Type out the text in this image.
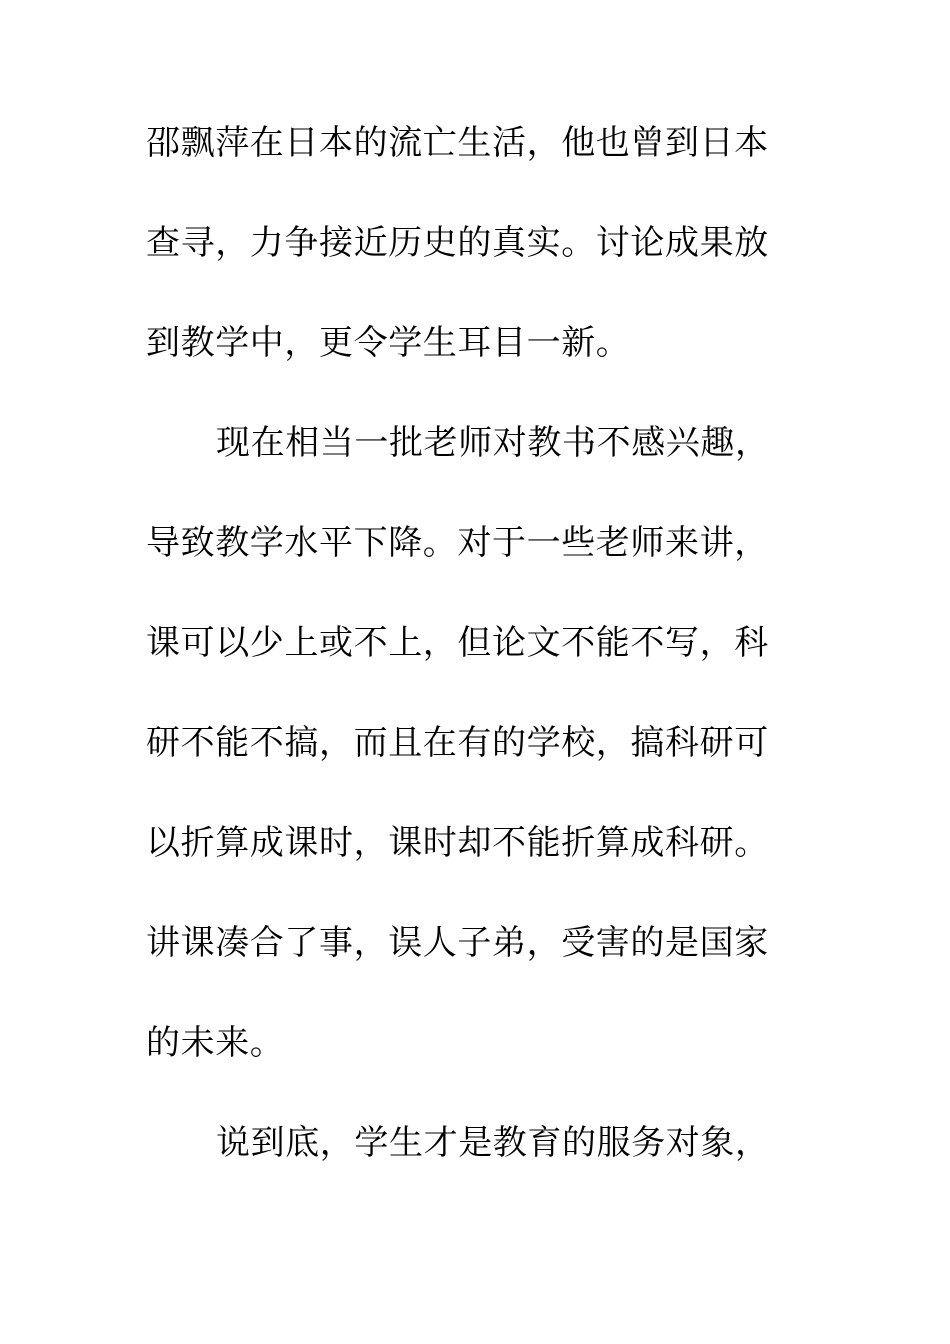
邵飘萍在日本的流亡生活，他也曾到日本
查寻，力争接近历史的真实。讨论成果放
到教学中，更令学生耳目一新。
现在相当一批老师对教书不感兴趣，
导致教学水平下降。对于一些老师来讲，
课可以少上或不上，但论文不能不写，科
研不能不搞，而且在有的学校，搞科研可
以折算成课时，课时却不能折算成科研。
讲课凑合了事，误人子弟，受害的是国家
的未来。
说到底，学生才是教育的服务对象，
